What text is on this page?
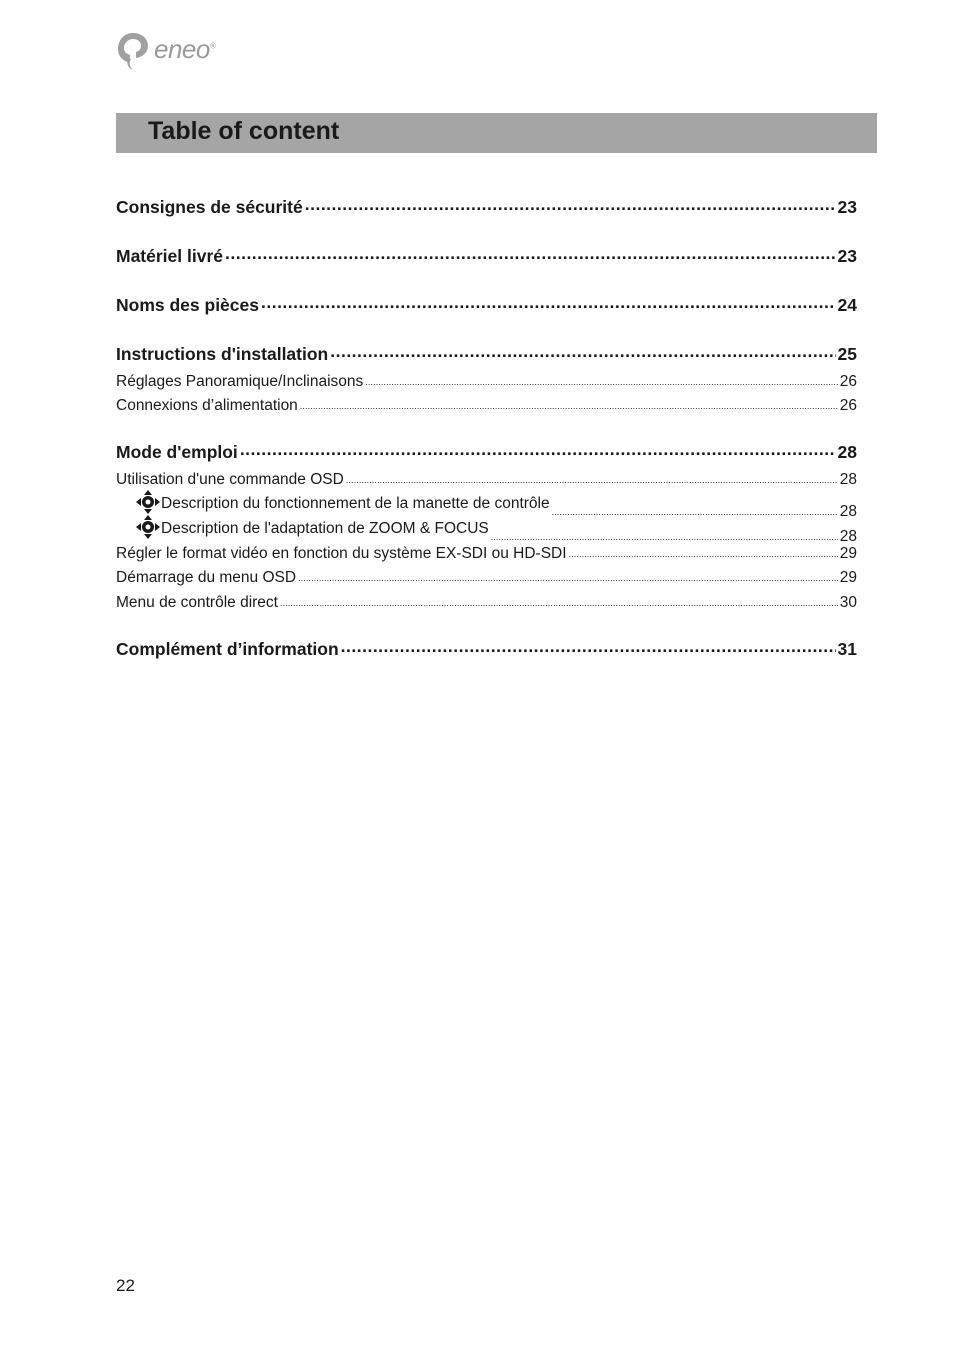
eneo®
Table of content
Consignes de sécurité .....	23
Matériel livré .....	23
Noms des pièces .....	24
Instructions d'installation .....	25
Réglages Panoramique/Inclinaisons .....	26
Connexions d’alimentation .....	26
Mode d'emploi .....	28
Utilisation d'une commande OSD .....	28
Description du fonctionnement de la manette de contrôle .....	28
Description de l'adaptation de ZOOM & FOCUS .....	28
Régler le format vidéo en fonction du système EX-SDI ou HD-SDI .....	29
Démarrage du menu OSD .....	29
Menu de contrôle direct .....	30
Complément d’information .....	31
22
